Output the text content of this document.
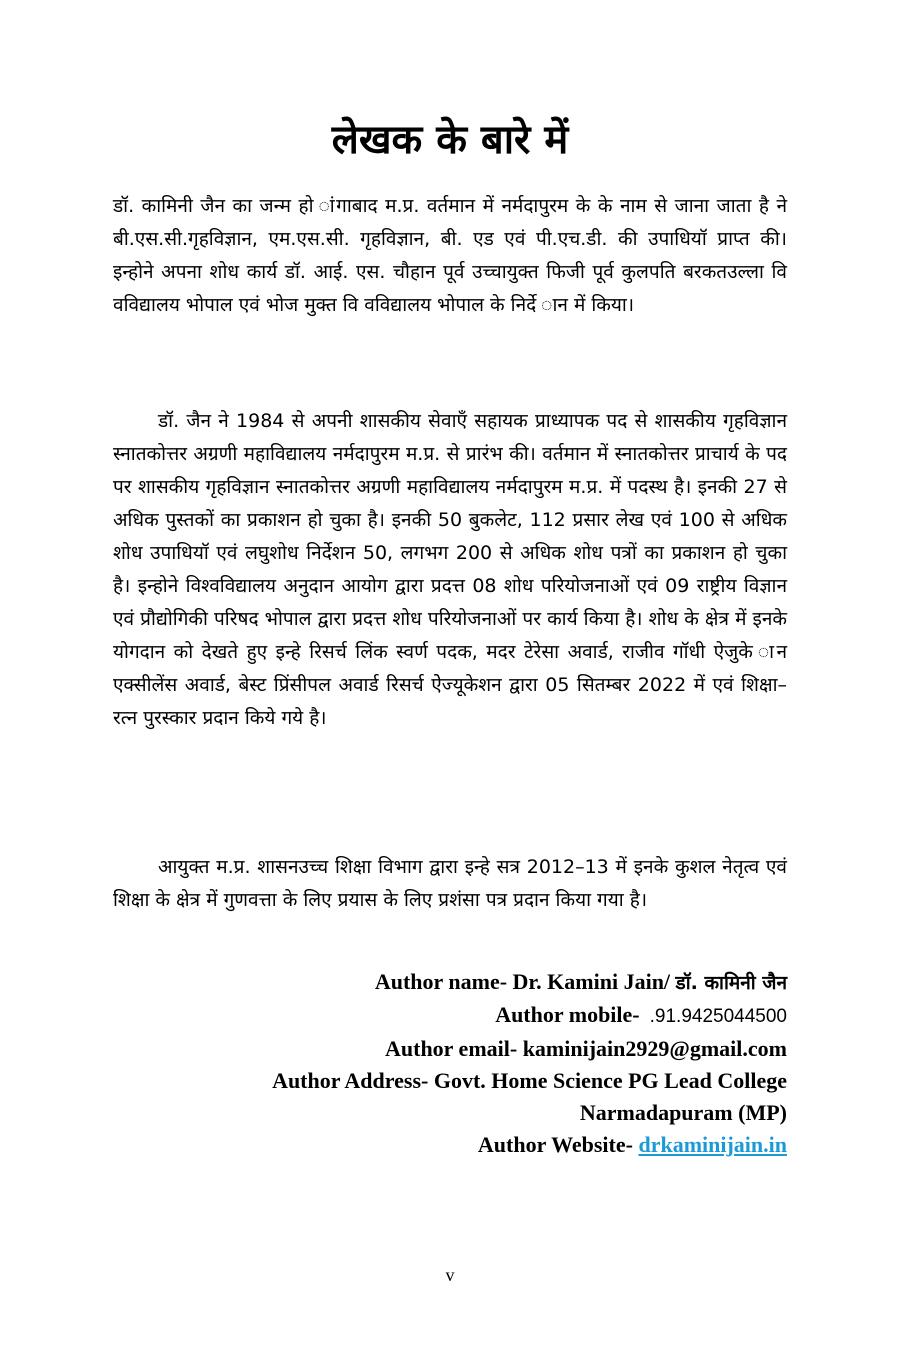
लेखक के बारे में

डॉ. कामिनी जैन का जन्म हो ांगाबाद म.प्र. वर्तमान में नर्मदापुरम के के नाम से जाना जाता है ने बी.एस.सी.गृहविज्ञान, एम.एस.सी. गृहविज्ञान, बी. एड एवं पी.एच.डी. की उपाधियॉ प्राप्त की। इन्होने अपना शोध कार्य डॉ. आई. एस. चौहान पूर्व उच्चायुक्त फिजी पूर्व कुलपति बरकतउल्ला वि वविद्यालय भोपाल एवं भोज मुक्त वि वविद्यालय भोपाल के निर्दे ान में किया।

डॉ. जैन ने 1984 से अपनी शासकीय सेवाएँ सहायक प्राध्यापक पद से शासकीय गृहविज्ञान स्नातकोत्तर अग्रणी महाविद्यालय नर्मदापुरम म.प्र. से प्रारंभ की। वर्तमान में स्नातकोत्तर प्राचार्य के पद पर शासकीय गृहविज्ञान स्नातकोत्तर अग्रणी महाविद्यालय नर्मदापुरम म.प्र. में पदस्थ है। इनकी 27 से अधिक पुस्तकों का प्रकाशन हो चुका है। इनकी 50 बुकलेट, 112 प्रसार लेख एवं 100 से अधिक शोध उपाधियॉ एवं लघुशोध निर्देशन 50, लगभग 200 से अधिक शोध पत्रों का प्रकाशन हो चुका है। इन्होने विश्वविद्यालय अनुदान आयोग द्वारा प्रदत्त 08 शोध परियोजनाओं एवं 09 राष्ट्रीय विज्ञान एवं प्रौद्योगिकी परिषद भोपाल द्वारा प्रदत्त शोध परियोजनाओं पर कार्य किया है। शोध के क्षेत्र में इनके योगदान को देखते हुए इन्हे रिसर्च लिंक स्वर्ण पदक, मदर टेरेसा अवार्ड, राजीव गॉधी ऐजुके ान एक्सीलेंस अवार्ड, बेस्ट प्रिंसीपल अवार्ड रिसर्च ऐेज्यूकेशन द्वारा 05 सितम्बर 2022 में एवं शिक्षा–रत्न पुरस्कार प्रदान किये गये है।

आयुक्त म.प्र. शासनउच्च शिक्षा विभाग द्वारा इन्हे सत्र 2012–13 में इनके कुशल नेतृत्व एवं शिक्षा के क्षेत्र में गुणवत्ता के लिए प्रयास के लिए प्रशंसा पत्र प्रदान किया गया है।

Author name- Dr. Kamini Jain/ डॉ. कामिनी जैन
Author mobile- .91.9425044500
Author email- kaminijain2929@gmail.com
Author Address- Govt. Home Science PG Lead College
Narmadapuram (MP)
Author Website- drkaminijain.in
v
